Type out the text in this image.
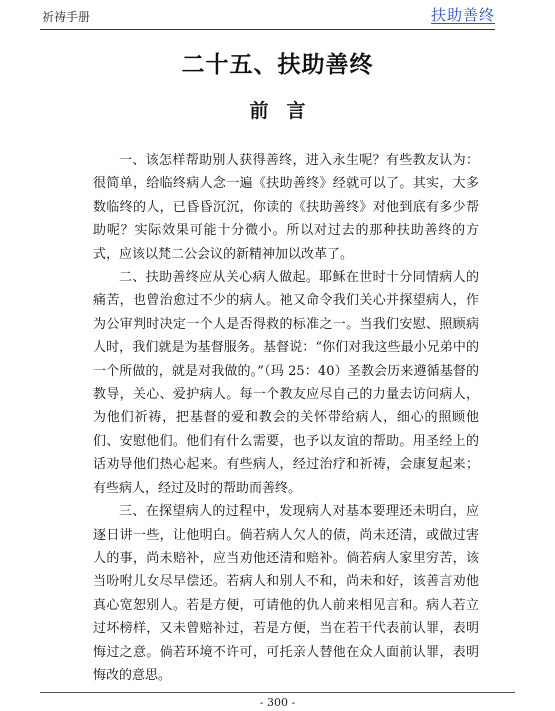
祈祷手册	扶助善终
二十五、扶助善终
前言

一、该怎样帮助别人获得善终，进入永生呢？有些教友认为：很简单，给临终病人念一遍《扶助善终》经就可以了。其实，大多数临终的人，已昏昏沉沉，你读的《扶助善终》对他到底有多少帮助呢？实际效果可能十分微小。所以对过去的那种扶助善终的方式，应该以梵二公会议的新精神加以改革了。

二、扶助善终应从关心病人做起。耶稣在世时十分同情病人的痛苦，也曾治愈过不少的病人。祂又命令我们关心并探望病人，作为公审判时决定一个人是否得救的标准之一。当我们安慰、照顾病人时，我们就是为基督服务。基督说：“你们对我这些最小兄弟中的一个所做的，就是对我做的。”（玛 25：40）圣教会历来遵循基督的教导，关心、爱护病人。每一个教友应尽自己的力量去访问病人，为他们祈祷，把基督的爱和教会的关怀带给病人，细心的照顾他们、安慰他们。他们有什么需要，也予以友谊的帮助。用圣经上的话劝导他们热心起来。有些病人，经过治疗和祈祷，会康复起来；有些病人，经过及时的帮助而善终。

三、在探望病人的过程中，发现病人对基本要理还未明白，应逐日讲一些，让他明白。倘若病人欠人的债，尚未还清，或做过害人的事，尚未赔补，应当劝他还清和赔补。倘若病人家里穷苦，该当吩咐儿女尽早偿还。若病人和别人不和，尚未和好，该善言劝他真心宽恕别人。若是方便，可请他的仇人前来相见言和。病人若立过坏榜样，又未曾赔补过，若是方便，当在若干代表前认罪，表明悔过之意。倘若环境不许可，可托亲人替他在众人面前认罪，表明悔改的意思。

- 300 -
